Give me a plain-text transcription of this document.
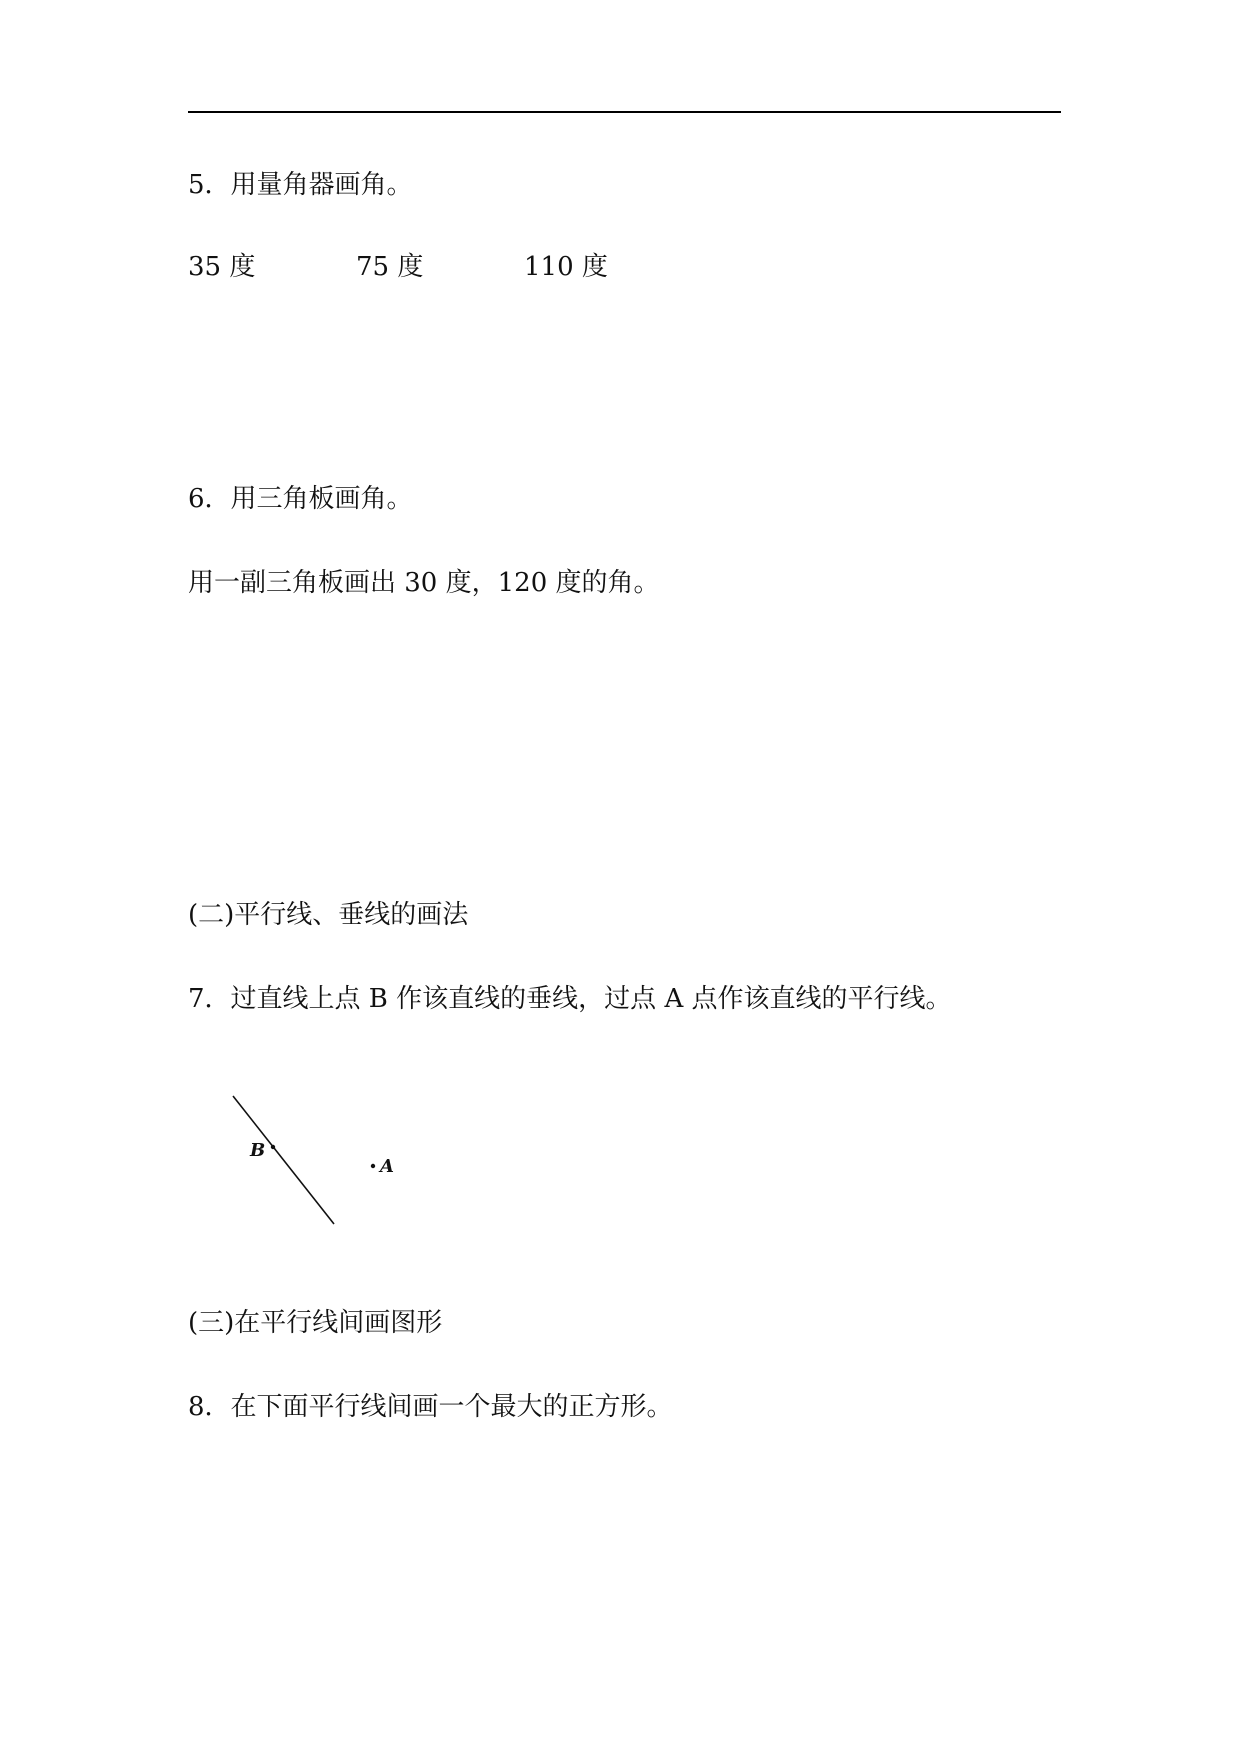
5．用量角器画角。
35 度	75 度	110 度
6．用三角板画角。
用一副三角板画出 30 度，120 度的角。
(二)平行线、垂线的画法
7．过直线上点 B 作该直线的垂线，过点 A 点作该直线的平行线。
B
A
(三)在平行线间画图形
8．在下面平行线间画一个最大的正方形。
